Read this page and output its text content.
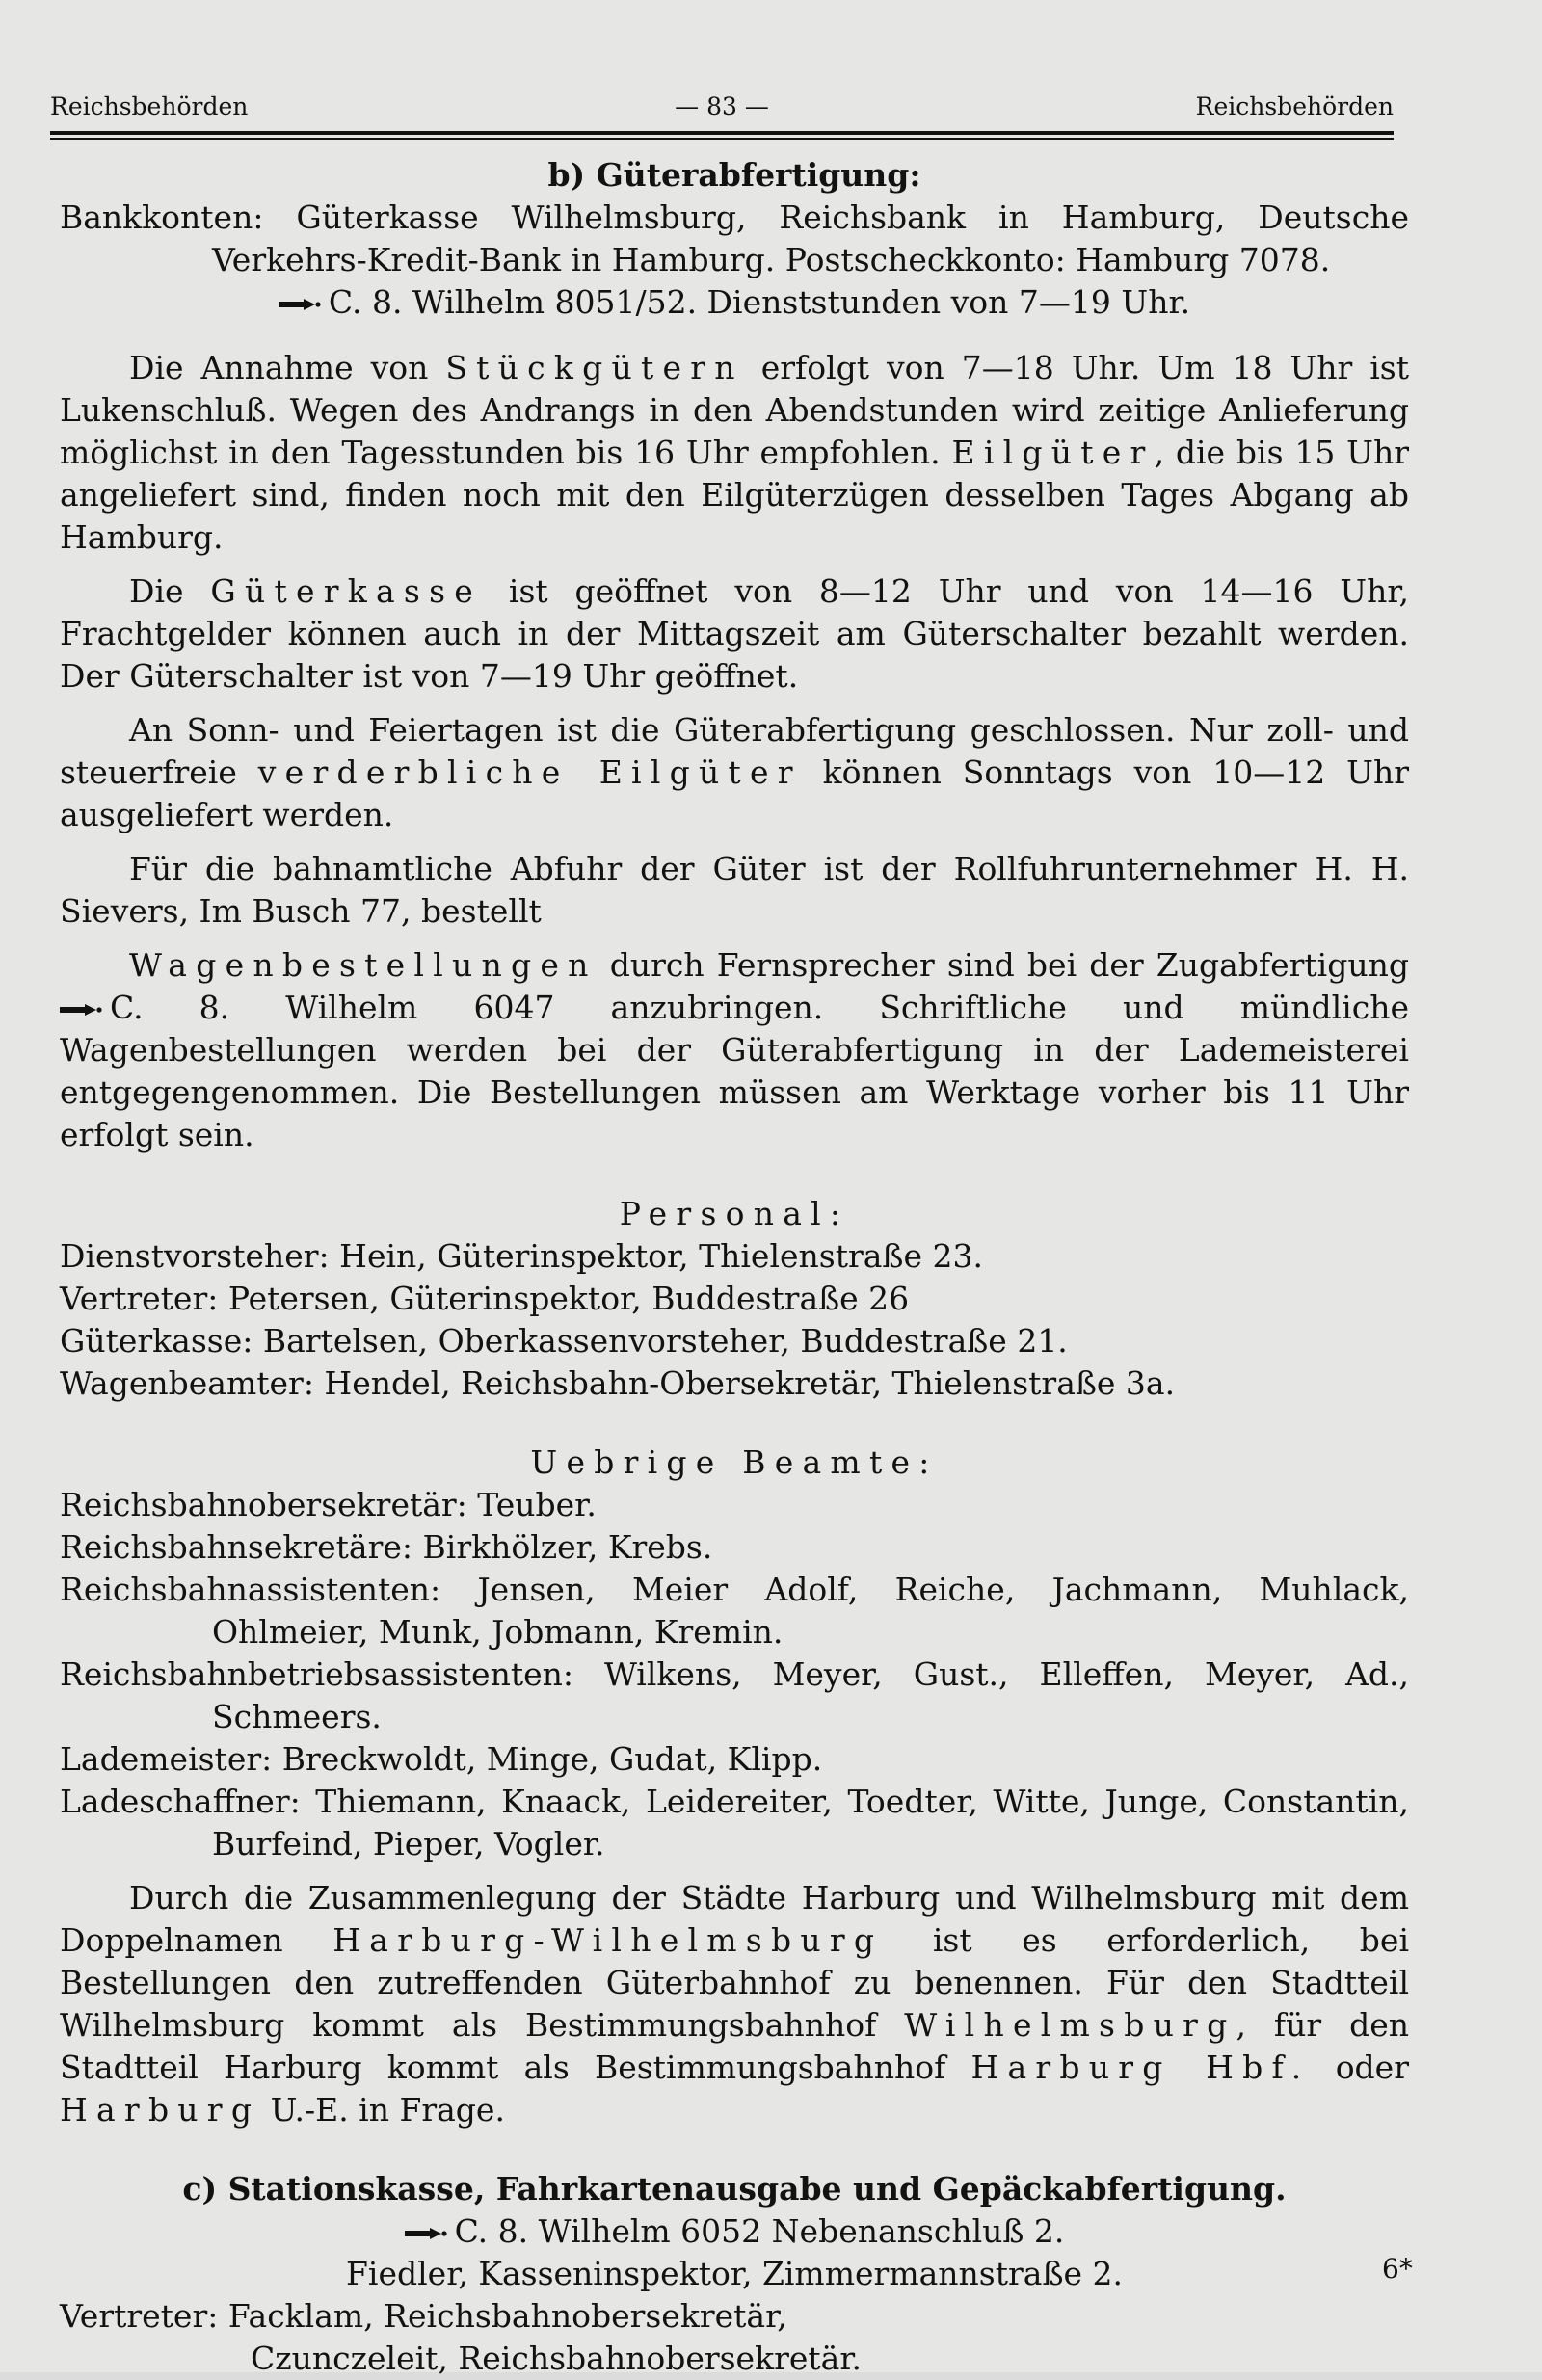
Reichsbehörden	— 83 —	Reichsbehörden

b) Güterabfertigung:

Bankkonten: Güterkasse Wilhelmsburg, Reichsbank in Hamburg, Deutsche Verkehrs-Kredit-Bank in Hamburg. Postscheckkonto: Hamburg 7078.

C. 8. Wilhelm 8051/52. Dienststunden von 7—19 Uhr.

Die Annahme von Stückgütern erfolgt von 7—18 Uhr. Um 18 Uhr ist Lukenschluß. Wegen des Andrangs in den Abendstunden wird zeitige Anlieferung möglichst in den Tagesstunden bis 16 Uhr empfohlen. Eilgüter, die bis 15 Uhr angeliefert sind, finden noch mit den Eilgüterzügen desselben Tages Abgang ab Hamburg.

Die Güterkasse ist geöffnet von 8—12 Uhr und von 14—16 Uhr, Frachtgelder können auch in der Mittagszeit am Güterschalter bezahlt werden. Der Güterschalter ist von 7—19 Uhr geöffnet.

An Sonn- und Feiertagen ist die Güterabfertigung geschlossen. Nur zoll- und steuerfreie verderbliche Eilgüter können Sonntags von 10—12 Uhr ausgeliefert werden.

Für die bahnamtliche Abfuhr der Güter ist der Rollfuhrunternehmer H. H. Sievers, Im Busch 77, bestellt

Wagenbestellungen durch Fernsprecher sind bei der Zugabfertigung
C. 8. Wilhelm 6047 anzubringen. Schriftliche und mündliche Wagenbestellungen werden bei der Güterabfertigung in der Lademeisterei entgegengenommen. Die Bestellungen müssen am Werktage vorher bis 11 Uhr erfolgt sein.

Personal:

Dienstvorsteher: Hein, Güterinspektor, Thielenstraße 23.

Vertreter: Petersen, Güterinspektor, Buddestraße 26

Güterkasse: Bartelsen, Oberkassenvorsteher, Buddestraße 21.

Wagenbeamter: Hendel, Reichsbahn-Obersekretär, Thielenstraße 3a.

Uebrige Beamte:

Reichsbahnobersekretär: Teuber.

Reichsbahnsekretäre: Birkhölzer, Krebs.

Reichsbahnassistenten: Jensen, Meier Adolf, Reiche, Jachmann, Muhlack, Ohlmeier, Munk, Jobmann, Kremin.

Reichsbahnbetriebsassistenten: Wilkens, Meyer, Gust., Elleffen, Meyer, Ad., Schmeers.

Lademeister: Breckwoldt, Minge, Gudat, Klipp.

Ladeschaffner: Thiemann, Knaack, Leidereiter, Toedter, Witte, Junge, Constantin, Burfeind, Pieper, Vogler.

Durch die Zusammenlegung der Städte Harburg und Wilhelmsburg mit dem Doppelnamen Harburg-Wilhelmsburg ist es erforderlich, bei Bestellungen den zutreffenden Güterbahnhof zu benennen. Für den Stadtteil Wilhelmsburg kommt als Bestimmungsbahnhof Wilhelmsburg, für den Stadtteil Harburg kommt als Bestimmungsbahnhof Harburg Hbf. oder Harburg U.-E. in Frage.

c) Stationskasse, Fahrkartenausgabe und Gepäckabfertigung.

C. 8. Wilhelm 6052 Nebenanschluß 2.

Fiedler, Kasseninspektor, Zimmermannstraße 2.

Vertreter: Facklam, Reichsbahnobersekretär,

Czunczeleit, Reichsbahnobersekretär.

6*
